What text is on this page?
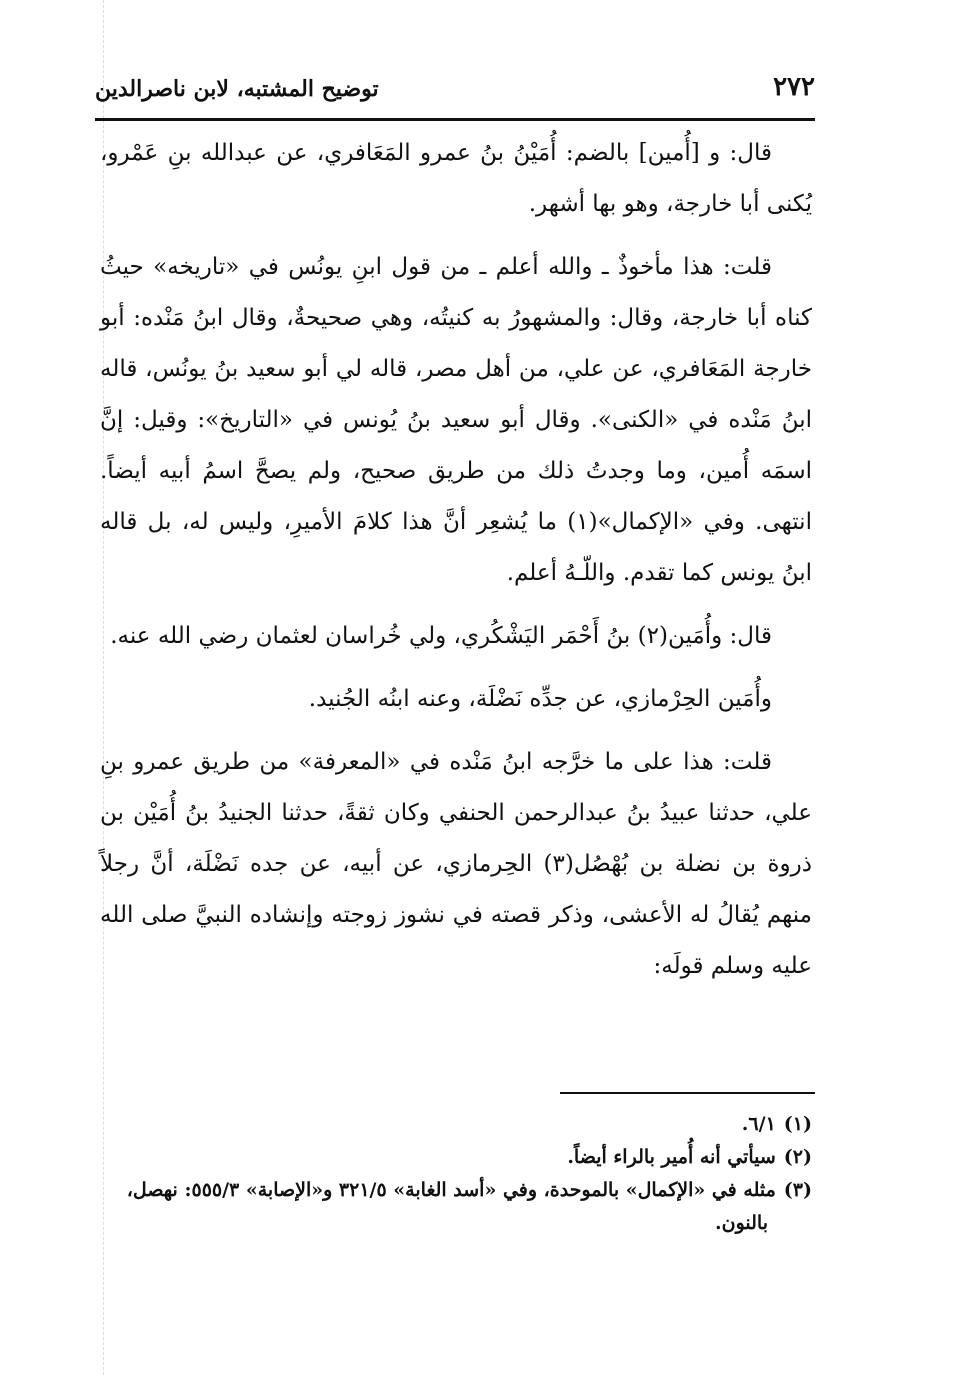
٢٧٢
توضيح المشتبه، لابن ناصرالدين

قال: و [أُمين] بالضم: أُمَيْنُ بنُ عمرو المَعَافري، عن عبدالله بنِ عَمْرو، يُكنى أبا خارجة، وهو بها أشهر.

قلت: هذا مأخوذٌ ـ والله أعلم ـ من قول ابنِ يونُس في «تاريخه» حيثُ كناه أبا خارجة، وقال: والمشهورُ به كنيتُه، وهي صحيحةٌ، وقال ابنُ مَنْده: أبو خارجة المَعَافري، عن علي، من أهل مصر، قاله لي أبو سعيد بنُ يونُس، قاله ابنُ مَنْده في «الكنى». وقال أبو سعيد بنُ يُونس في «التاريخ»: وقيل: إنَّ اسمَه أُمين، وما وجدتُ ذلك من طريق صحيح، ولم يصحَّ اسمُ أبيه أيضاً. انتهى. وفي «الإكمال»(١) ما يُشعِر أنَّ هذا كلامَ الأميرِ، وليس له، بل قاله ابنُ يونس كما تقدم. واللّـهُ أعلم.

قال: وأُمَين(٢) بنُ أَحْمَر اليَشْكُري، ولي خُراسان لعثمان رضي الله عنه.

وأُمَين الحِرْمازي، عن جدِّه نَضْلَة، وعنه ابنُه الجُنيد.

قلت: هذا على ما خرَّجه ابنُ مَنْده في «المعرفة» من طريق عمرو بنِ علي، حدثنا عبيدُ بنُ عبدالرحمن الحنفي وكان ثقةً، حدثنا الجنيدُ بنُ أُمَيْن بن ذروة بن نضلة بن بُهْصُل(٣) الحِرمازي، عن أبيه، عن جده نَضْلَة، أنَّ رجلاً منهم يُقالُ له الأعشى، وذكر قصته في نشوز زوجته وإنشاده النبيَّ صلى الله عليه وسلم قولَه:

(١)٦/١.

(٢)سيأتي أنه أُمير بالراء أيضاً.

(٣)مثله في «الإكمال» بالموحدة، وفي «أسد الغابة» ٣٢١/٥ و«الإصابة» ٥٥٥/٣: نهصل،

بالنون.
